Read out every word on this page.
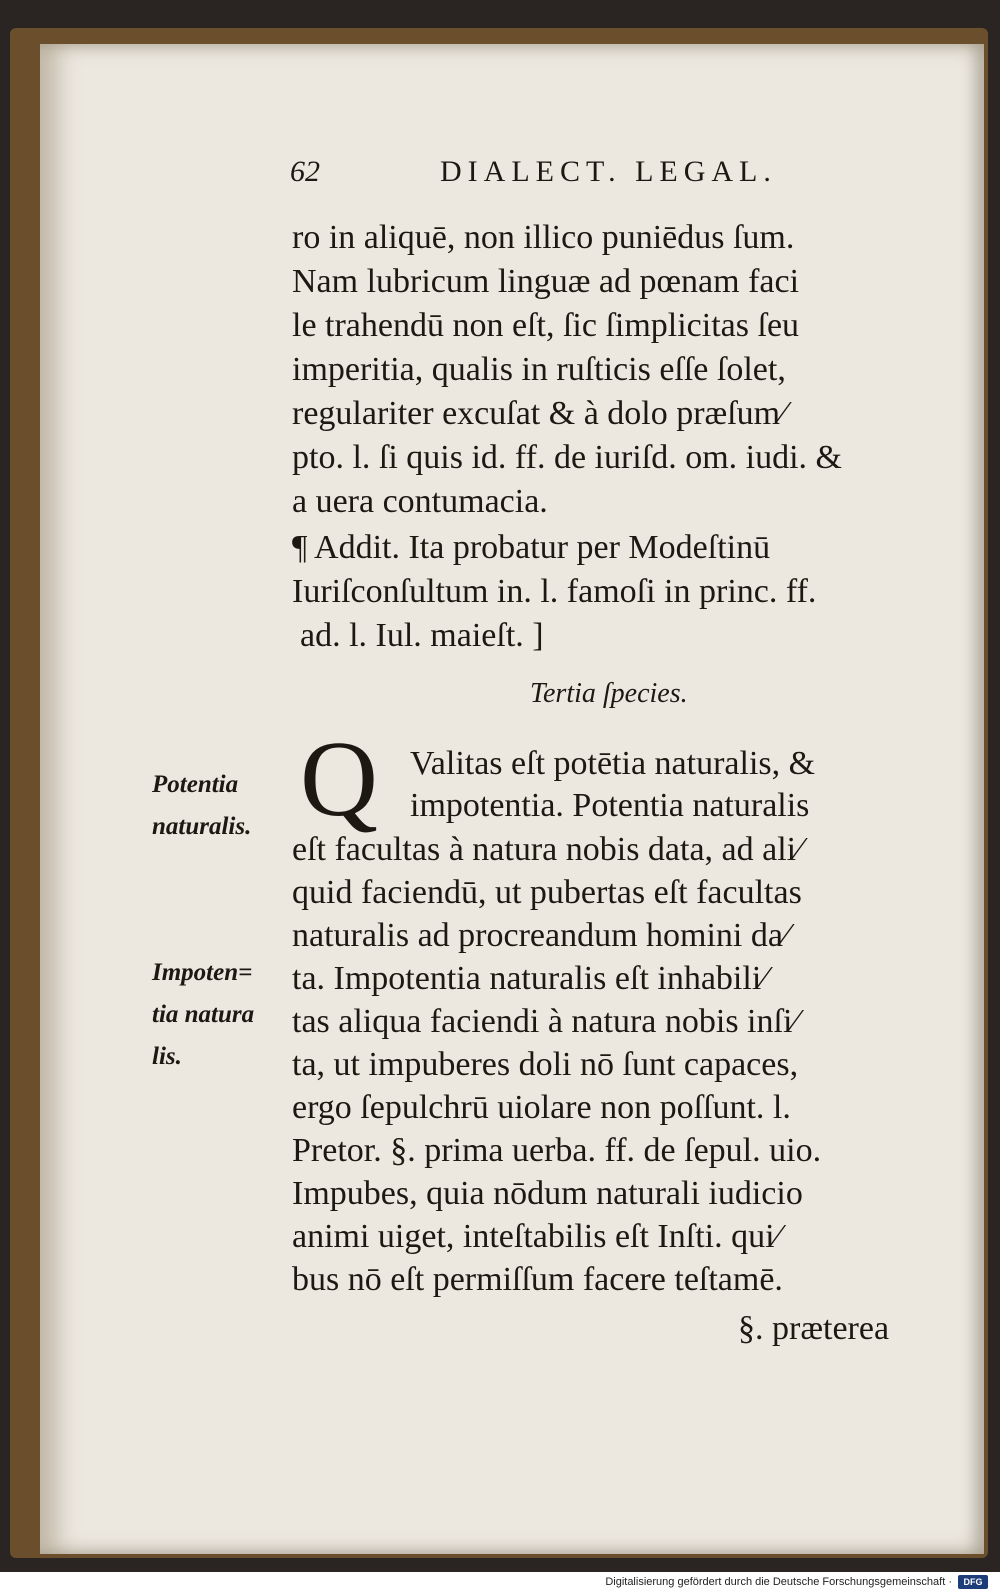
62	DIALECT. LEGAL.
ro in aliquē, non illico puniēdus ſum.
Nam lubricum linguæ ad pœnam faci
le trahendū non eſt, ſic ſimplicitas ſeu
imperitia, qualis in ruſticis eſſe ſolet,
regulariter excuſat & à dolo præſum⁄
pto. l. ſi quis id. ff. de iuriſd. om. iudi. &
a uera contumacia.
¶ Addit. Ita probatur per Modeſtinū
Iuriſconſultum in. l. famoſi in princ. ff.
ad. l. Iul. maieſt. ]
Tertia ſpecies.
Q Valitas eſt potētia naturalis, &
impotentia. Potentia naturalis
eſt facultas à natura nobis data, ad ali⁄
quid faciendū, ut pubertas eſt facultas
naturalis ad procreandum homini da⁄
ta. Impotentia naturalis eſt inhabili⁄
tas aliqua faciendi à natura nobis inſi⁄
ta, ut impuberes doli nō ſunt capaces,
ergo ſepulchrū uiolare non poſſunt. l.
Pretor. §. prima uerba. ff. de ſepul. uio.
Impubes, quia nōdum naturali iudicio
animi uiget, inteſtabilis eſt Inſti. qui⁄
bus nō eſt permiſſum facere teſtamē.
§. præterea
Potentia
naturalis.
Impoten=
tia natura
lis.
Digitalisierung gefördert durch die Deutsche Forschungsgemeinschaft ·	DFG
